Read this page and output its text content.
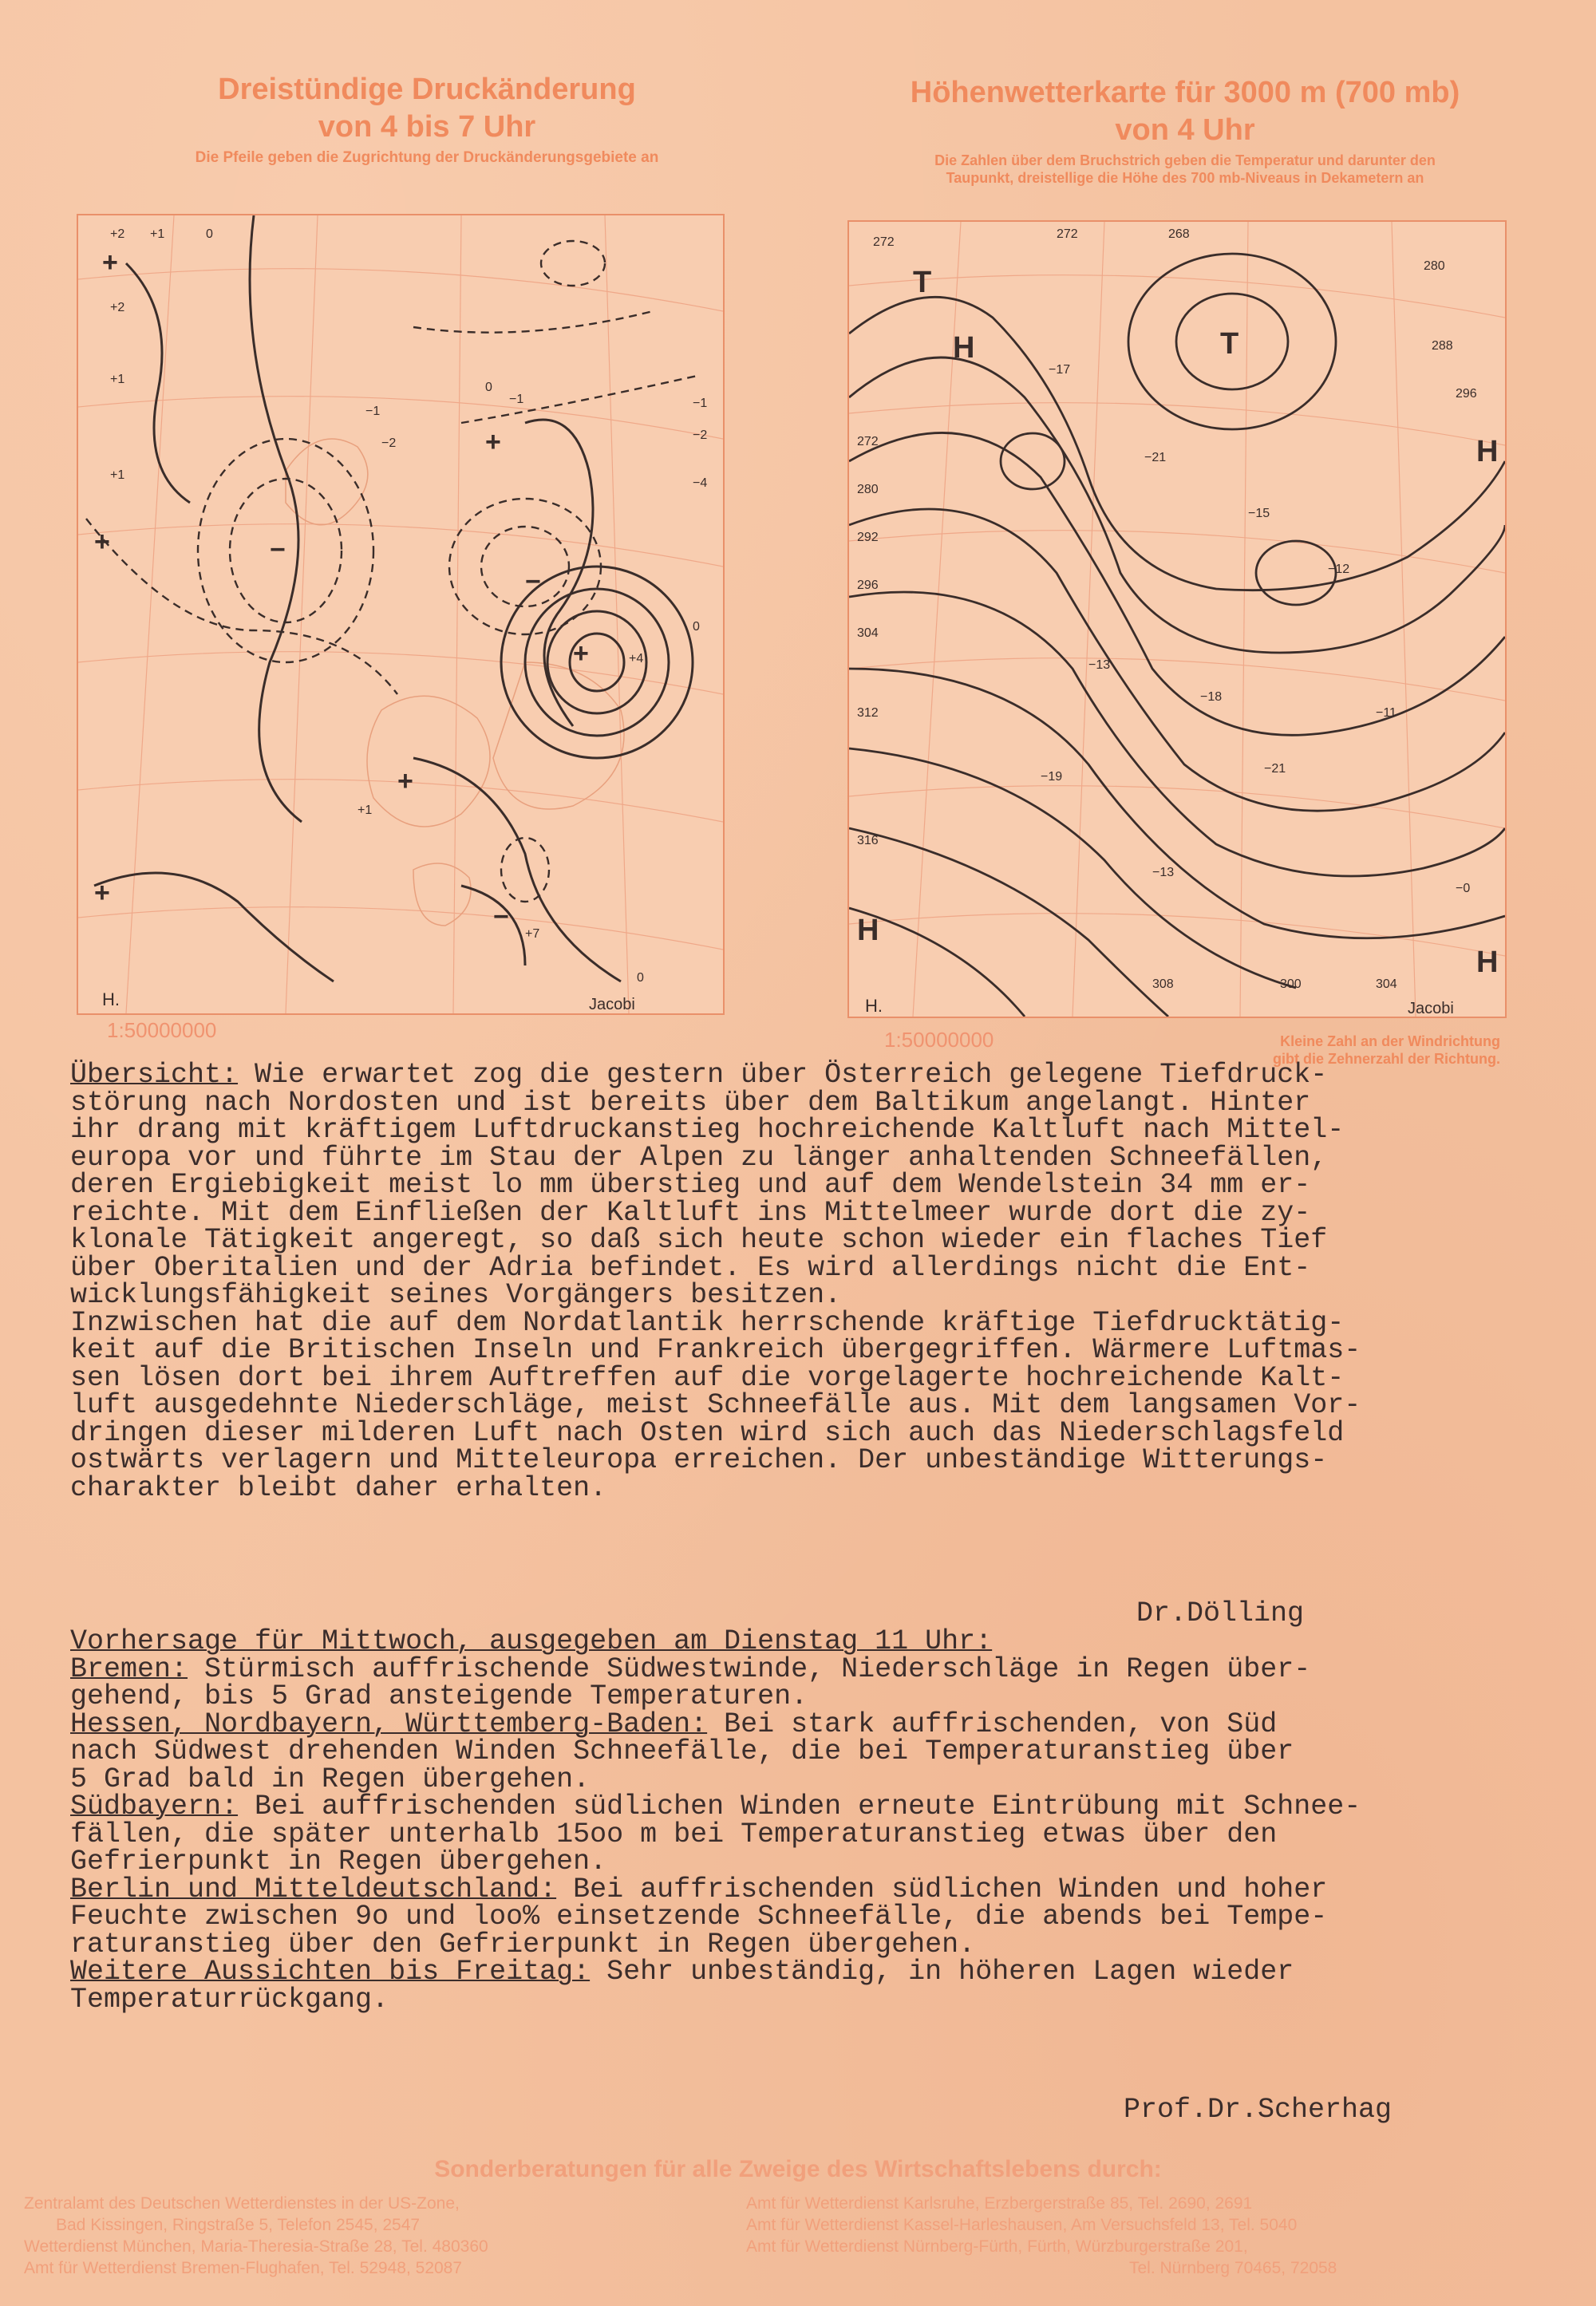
Dreistündige Druckänderung
von 4 bis 7 Uhr
Die Pfeile geben die Zugrichtung der Druckänderungsgebiete an
Höhenwetterkarte für 3000 m (700 mb)
von 4 Uhr
Die Zahlen über dem Bruchstrich geben die Temperatur und darunter den
Taupunkt, dreistellige die Höhe des 700 mb-Niveaus in Dekametern an
+
+
+
+
+
+
−
−
−
+2 +1	0
+2
+1
+1
0
−1	−1
−2
−4
0
+4
+1
+7
0
−2
−1
H.	Jacobi
1:50000000
T
H	T
H
H
H
272
272	268
280
288
296
272
280
292
296
304
312
316
−17
−21
−15
−12
−13
−18
−21
−11
−19
−13
−0
304
300
308
H.	Jacobi
1:50000000	Kleine Zahl an der Windrichtung
gibt die Zehnerzahl der Richtung.
Übersicht: Wie erwartet zog die gestern über Österreich gelegene Tiefdruck-
störung nach Nordosten und ist bereits über dem Baltikum angelangt. Hinter
ihr drang mit kräftigem Luftdruckanstieg hochreichende Kaltluft nach Mittel-
europa vor und führte im Stau der Alpen zu länger anhaltenden Schneefällen,
deren Ergiebigkeit meist lo mm überstieg und auf dem Wendelstein 34 mm er-
reichte. Mit dem Einfließen der Kaltluft ins Mittelmeer wurde dort die zy-
klonale Tätigkeit angeregt, so daß sich heute schon wieder ein flaches Tief
über Oberitalien und der Adria befindet. Es wird allerdings nicht die Ent-
wicklungsfähigkeit seines Vorgängers besitzen.
Inzwischen hat die auf dem Nordatlantik herrschende kräftige Tiefdrucktätig-
keit auf die Britischen Inseln und Frankreich übergegriffen. Wärmere Luftmas-
sen lösen dort bei ihrem Auftreffen auf die vorgelagerte hochreichende Kalt-
luft ausgedehnte Niederschläge, meist Schneefälle aus. Mit dem langsamen Vor-
dringen dieser milderen Luft nach Osten wird sich auch das Niederschlagsfeld
ostwärts verlagern und Mitteleuropa erreichen. Der unbeständige Witterungs-
charakter bleibt daher erhalten.
Dr.Dölling
Vorhersage für Mittwoch, ausgegeben am Dienstag 11 Uhr:
Bremen: Stürmisch auffrischende Südwestwinde, Niederschläge in Regen über-
gehend, bis 5 Grad ansteigende Temperaturen.
Hessen, Nordbayern, Württemberg-Baden: Bei stark auffrischenden, von Süd
nach Südwest drehenden Winden Schneefälle, die bei Temperaturanstieg über
5 Grad bald in Regen übergehen.
Südbayern: Bei auffrischenden südlichen Winden erneute Eintrübung mit Schnee-
fällen, die später unterhalb 15oo m bei Temperaturanstieg etwas über den
Gefrierpunkt in Regen übergehen.
Berlin und Mitteldeutschland: Bei auffrischenden südlichen Winden und hoher
Feuchte zwischen 9o und loo% einsetzende Schneefälle, die abends bei Tempe-
raturanstieg über den Gefrierpunkt in Regen übergehen.
Weitere Aussichten bis Freitag: Sehr unbeständig, in höheren Lagen wieder
Temperaturrückgang.
Prof.Dr.Scherhag
Sonderberatungen für alle Zweige des Wirtschaftslebens durch:
Zentralamt des Deutschen Wetterdienstes in der US-Zone,
Bad Kissingen, Ringstraße 5, Telefon 2545, 2547
Wetterdienst München, Maria-Theresia-Straße 28, Tel. 480360
Amt für Wetterdienst Bremen-Flughafen, Tel. 52948, 52087
Amt für Wetterdienst Karlsruhe, Erzbergerstraße 85, Tel. 2690, 2691
Amt für Wetterdienst Kassel-Harleshausen, Am Versuchsfeld 13, Tel. 5040
Amt für Wetterdienst Nürnberg-Fürth, Fürth, Würzburgerstraße 201,
Tel. Nürnberg 70465, 72058
